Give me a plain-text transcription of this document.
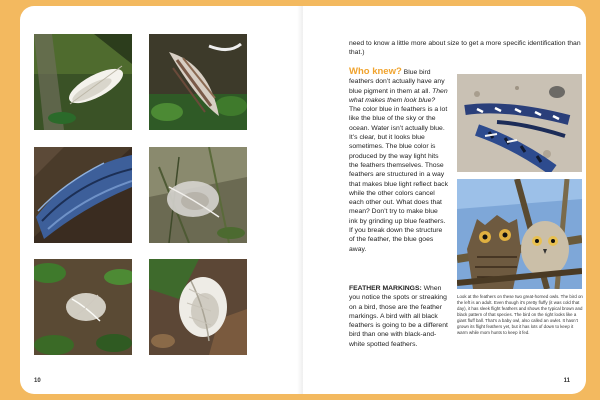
10
need to know a little more about size to get a more specific identification than that.)
Who knew? Blue bird feathers don’t actually have any blue pigment in them at all. Then what makes them look blue? The color blue in feathers is a lot like the blue of the sky or the ocean. Water isn’t actually blue. It’s clear, but it looks blue sometimes. The blue color is produced by the way light hits the feathers themselves. Those feathers are structured in a way that makes blue light reflect back while the other colors cancel each other out. What does that mean? Don’t try to make blue ink by grinding up blue feathers. If you break down the structure of the feather, the blue goes away.
FEATHER MARKINGS: When you notice the spots or streaking on a bird, those are the feather markings. A bird with all black feathers is going to be a different bird than one with black-and-white spotted feathers.
Look at the feathers on these two great-horned owls. The bird on the left is an adult. Even though it’s pretty fluffy (it was cold that day), it has sleek flight feathers and shows the typical brown and black pattern of that species. The bird on the right looks like a giant fluff ball. That’s a baby owl, also called an owlet. It hasn’t grown its flight feathers yet, but it has lots of down to keep it warm while mom hunts to keep it fed.
11
